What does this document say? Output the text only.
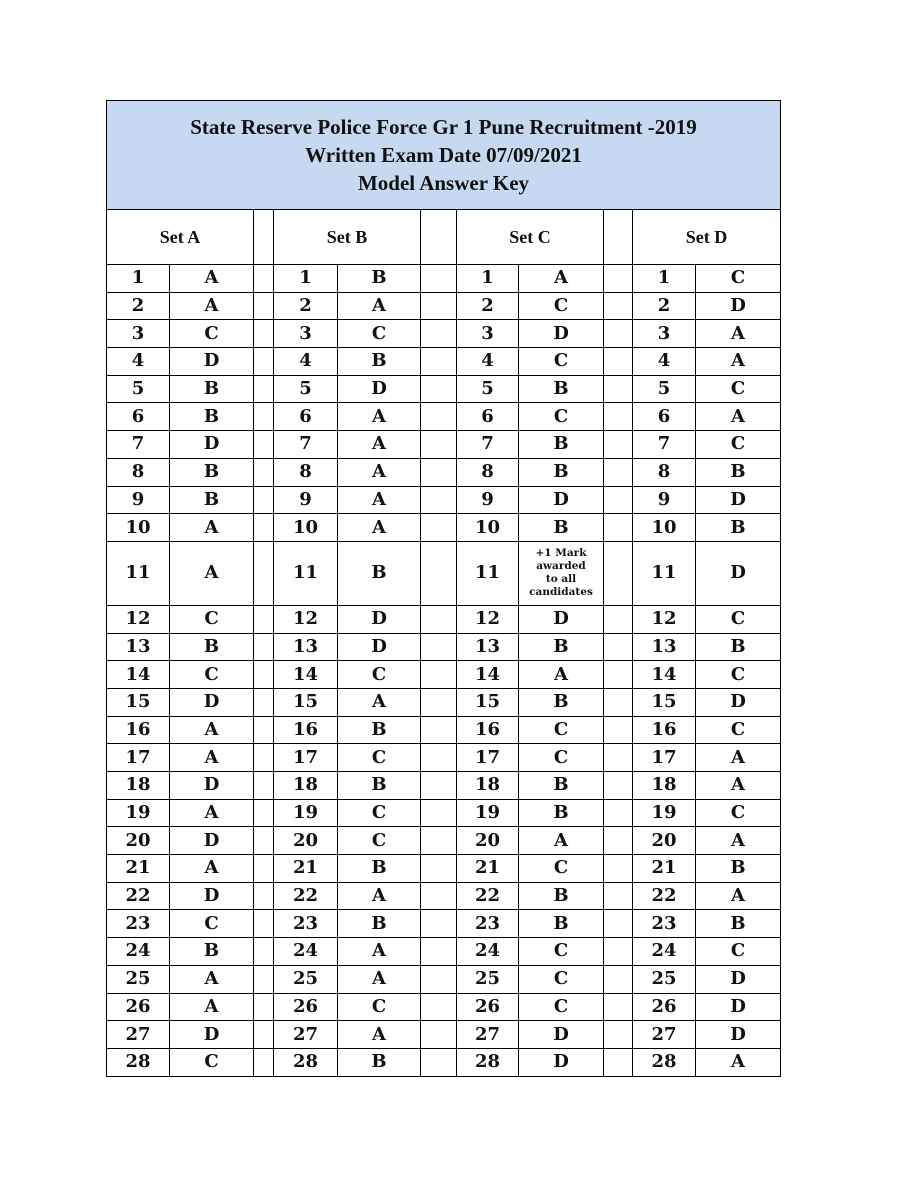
State Reserve Police Force Gr 1 Pune Recruitment -2019
Written Exam Date 07/09/2021
Model Answer Key										

Set A			Set B			Set C			Set D	
1	A		1	B		1	A		1	C
2	A		2	A		2	C		2	D
3	C		3	C		3	D		3	A
4	D		4	B		4	C		4	A
5	B		5	D		5	B		5	C
6	B		6	A		6	C		6	A
7	D		7	A		7	B		7	C
8	B		8	A		8	B		8	B
9	B		9	A		9	D		9	D
10	A		10	A		10	B		10	B
11	A		11	B		11	+1 Mark awarded to all candidates		11	D
12	C		12	D		12	D		12	C
13	B		13	D		13	B		13	B
14	C		14	C		14	A		14	C
15	D		15	A		15	B		15	D
16	A		16	B		16	C		16	C
17	A		17	C		17	C		17	A
18	D		18	B		18	B		18	A
19	A		19	C		19	B		19	C
20	D		20	C		20	A		20	A
21	A		21	B		21	C		21	B
22	D		22	A		22	B		22	A
23	C		23	B		23	B		23	B
24	B		24	A		24	C		24	C
25	A		25	A		25	C		25	D
26	A		26	C		26	C		26	D
27	D		27	A		27	D		27	D
28	C		28	B		28	D		28	A
